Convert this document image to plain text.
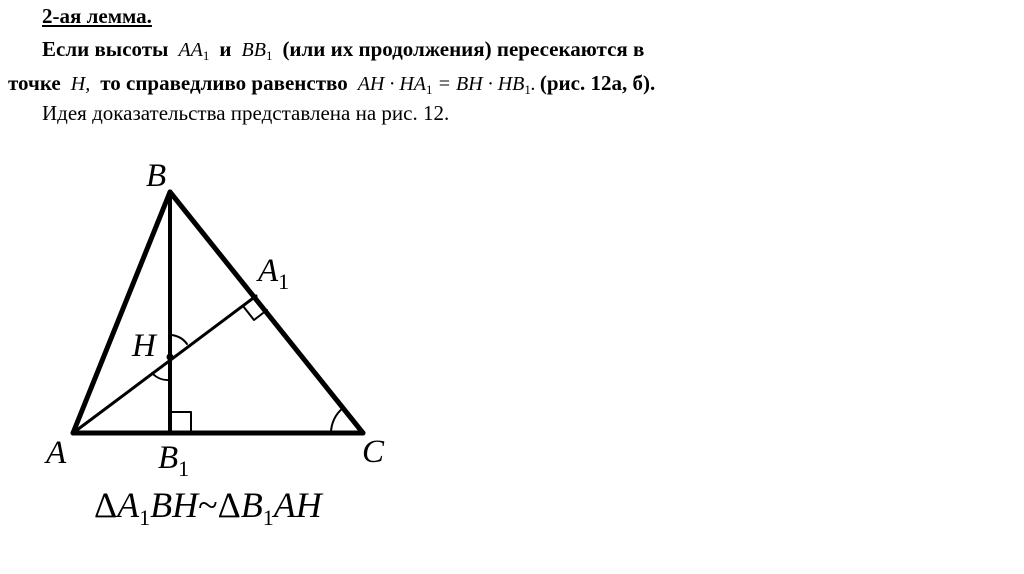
2-ая лемма.
Если высоты $AA_1$ и $BB_1$ (или их продолжения) пересекаются в
точке H, то справедливо равенство AH · $HA_1$ = BH · $HB_1$. (рис. 12а, б).
Идея доказательства представлена на рис. 12.
B
$A_1$
H
A	$B_1$	C
$\Delta A_1BH\sim\Delta B_1AH$
